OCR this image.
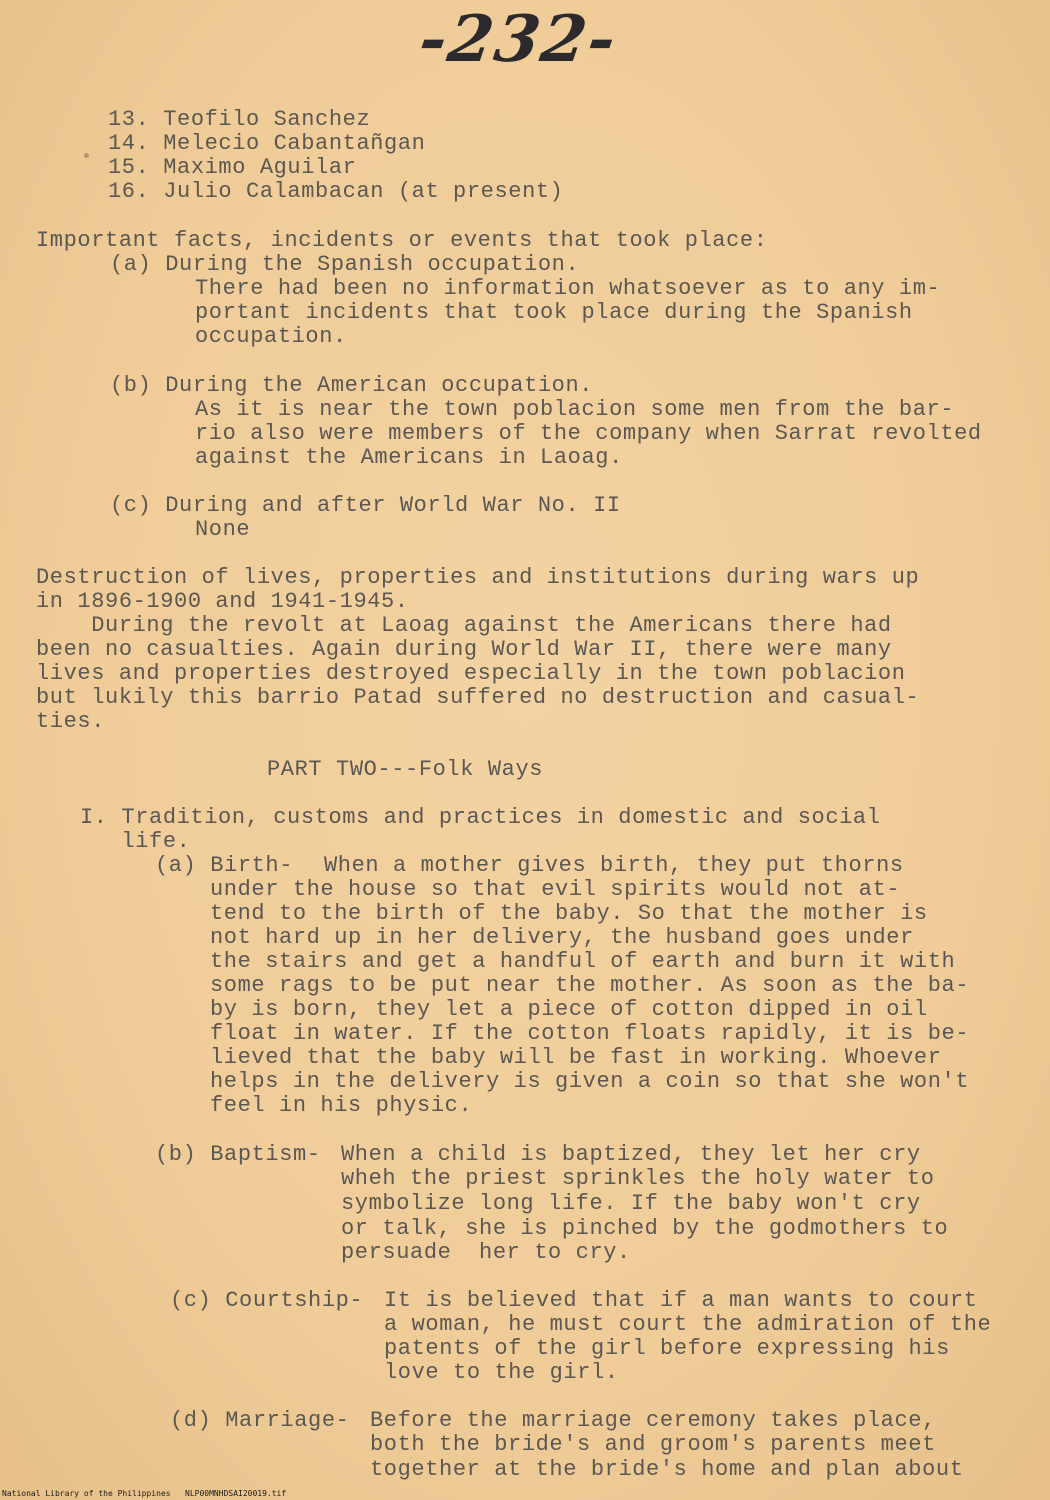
-232-
13. Teofilo Sanchez
14. Melecio Cabantañgan
15. Maximo Aguilar
16. Julio Calambacan (at present)
Important facts, incidents or events that took place:
(a) During the Spanish occupation.
There had been no information whatsoever as to any im-
portant incidents that took place during the Spanish
occupation.
(b) During the American occupation.
As it is near the town poblacion some men from the bar-
rio also were members of the company when Sarrat revolted
against the Americans in Laoag.
(c) During and after World War No. II
None
Destruction of lives, properties and institutions during wars up
in 1896-1900 and 1941-1945.
During the revolt at Laoag against the Americans there had
been no casualties. Again during World War II, there were many
lives and properties destroyed especially in the town poblacion
but lukily this barrio Patad suffered no destruction and casual-
ties.
PART TWO---Folk Ways
I. Tradition, customs and practices in domestic and social
life.
(a) Birth- When a mother gives birth, they put thorns
under the house so that evil spirits would not at-
tend to the birth of the baby. So that the mother is
not hard up in her delivery, the husband goes under
the stairs and get a handful of earth and burn it with
some rags to be put near the mother. As soon as the ba-
by is born, they let a piece of cotton dipped in oil
float in water. If the cotton floats rapidly, it is be-
lieved that the baby will be fast in working. Whoever
helps in the delivery is given a coin so that she won't
feel in his physic.
(b) Baptism- When a child is baptized, they let her cry
wheh the priest sprinkles the holy water to
symbolize long life. If the baby won't cry
or talk, she is pinched by the godmothers to
persuade  her to cry.
(c) Courtship- It is believed that if a man wants to court
a woman, he must court the admiration of the
patents of the girl before expressing his
love to the girl.
(d) Marriage- Before the marriage ceremony takes place,
both the bride's and groom's parents meet
together at the bride's home and plan about
National Library of the Philippines NLP00MNHDSAI20019.tif
